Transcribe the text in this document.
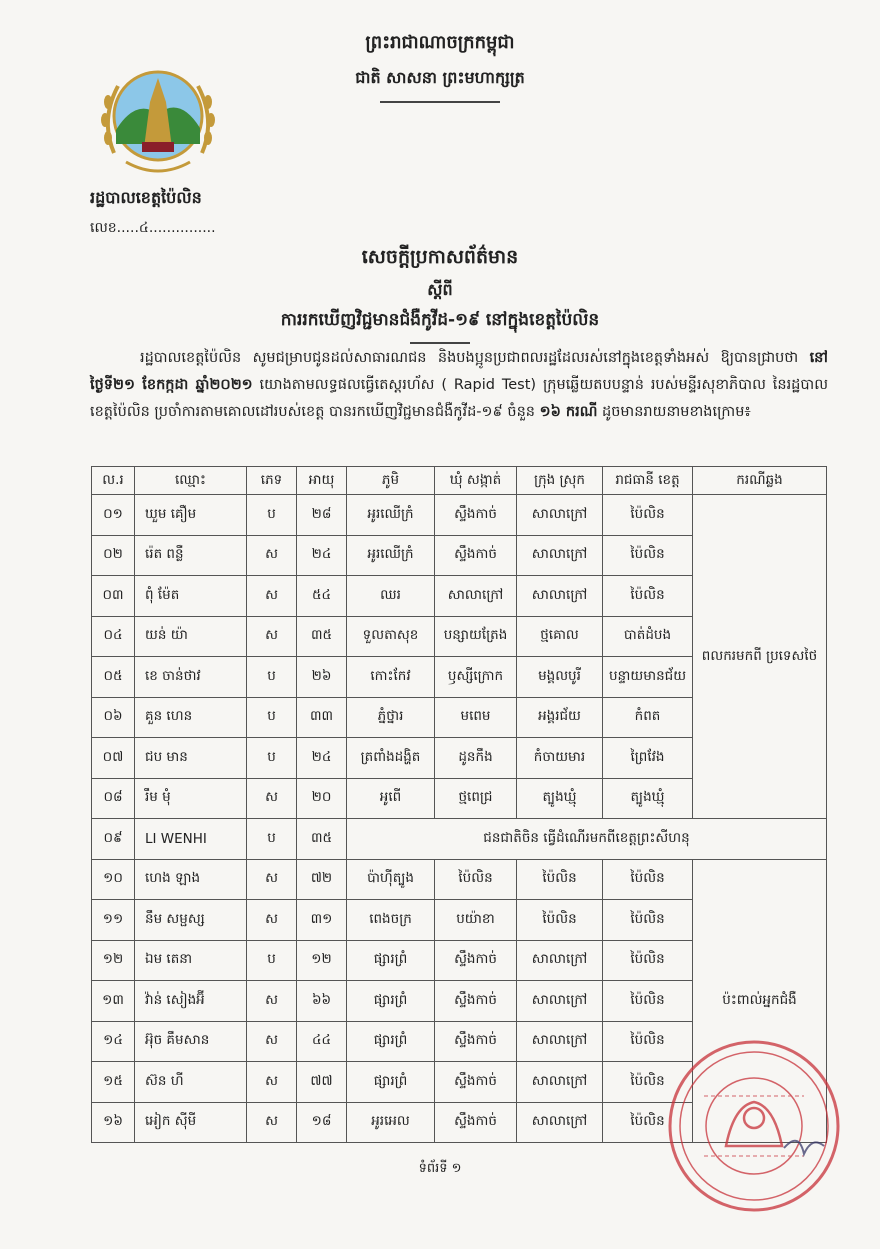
ព្រះរាជាណាចក្រកម្ពុជា
ជាតិ សាសនា ព្រះមហាក្សត្រ
រដ្ឋបាលខេត្តប៉ៃលិន
លេខ.....៤...............
សេចក្តីប្រកាសព័ត៌មាន
ស្តីពី
ការរកឃើញវិជ្ជមានជំងឺកូវីដ-១៩ នៅក្នុងខេត្តប៉ៃលិន
រដ្ឋបាលខេត្តប៉ៃលិន សូមជម្រាបជូនដល់សាធារណជន និងបងប្អូនប្រជាពលរដ្ឋដែលរស់នៅក្នុងខេត្តទាំងអស់ ឱ្យបានជ្រាបថា នៅថ្ងៃទី២១ ខែកក្កដា ឆ្នាំ២០២១ យោងតាមលទ្ធផលធ្វើតេស្តរហ័ស ( Rapid Test) ក្រុមឆ្លើយតបបន្ទាន់ របស់មន្ទីរសុខាភិបាល នៃរដ្ឋបាលខេត្តប៉ៃលិន ប្រចាំការតាមគោលដៅរបស់ខេត្ត បានរកឃើញវិជ្ជមានជំងឺកូវីដ-១៩ ចំនួន ១៦ ករណី ដូចមានរាយនាមខាងក្រោម៖
ល.រ	ឈ្មោះ	ភេទ	អាយុ	ភូមិ	ឃុំ សង្កាត់	ក្រុង ស្រុក	រាជធានី ខេត្ត	ករណីឆ្លង
០១	ឃួម គឿម	ប	២៨	អូរឈើក្រំ	ស្ទឹងកាច់	សាលាក្រៅ	ប៉ៃលិន	ពលករមកពី ប្រទេសថៃ
០២	រ៉េត ពន្លឺ	ស	២៤	អូរឈើក្រំ	ស្ទឹងកាច់	សាលាក្រៅ	ប៉ៃលិន	
០៣	ពុំ ម៉ែត	ស	៥៤	ឈរ	សាលាក្រៅ	សាលាក្រៅ	ប៉ៃលិន	
០៤	យន់ យ៉ា	ស	៣៥	ទួលតាសុខ	បន្សាយត្រែង	ថ្មគោល	បាត់ដំបង	
០៥	ខេ ចាន់ថាវ	ប	២៦	កោះកែវ	ឫស្សីក្រោក	មង្គលបូរី	បន្ទាយមានជ័យ	
០៦	គួន ហេន	ប	៣៣	ភ្នំថ្នារ	មពេម	អង្គរជ័យ	កំពត	
០៧	ជប មាន	ប	២៤	ត្រពាំងដង្ហិត	ដូនកឹង	កំចាយមារ	ព្រៃវែង	
០៨	រឹម មុំ	ស	២០	អូពើ	ថ្មពេជ្រ	ត្បូងឃ្មុំ	ត្បូងឃ្មុំ	
០៩	LI WENHI	ប	៣៥	ជនជាតិចិន ធ្វើដំណើរមកពីខេត្តព្រះសីហនុ				
១០	ហេង ឡាង	ស	៧២	ប៉ាហ៊ីត្បូង	ប៉ៃលិន	ប៉ៃលិន	ប៉ៃលិន	ប៉ះពាល់អ្នកជំងឺ
១១	នឹម សម្ផស្ស	ស	៣១	ពេងចក្រ	បយ៉ាខា	ប៉ៃលិន	ប៉ៃលិន	
១២	ឯម តេនា	ប	១២	ផ្សារព្រំ	ស្ទឹងកាច់	សាលាក្រៅ	ប៉ៃលិន	
១៣	វ៉ាន់ សៀងអ៊ី	ស	៦៦	ផ្សារព្រំ	ស្ទឹងកាច់	សាលាក្រៅ	ប៉ៃលិន	
១៤	អ៊ុច គឹមសាន	ស	៤៤	ផ្សារព្រំ	ស្ទឹងកាច់	សាលាក្រៅ	ប៉ៃលិន	
១៥	ស៊ន ហី	ស	៧៧	ផ្សារព្រំ	ស្ទឹងកាច់	សាលាក្រៅ	ប៉ៃលិន	
១៦	អៀក ស៊ីមី	ស	១៨	អូរអេល	ស្ទឹងកាច់	សាលាក្រៅ	ប៉ៃលិន	
ទំព័រទី ១
